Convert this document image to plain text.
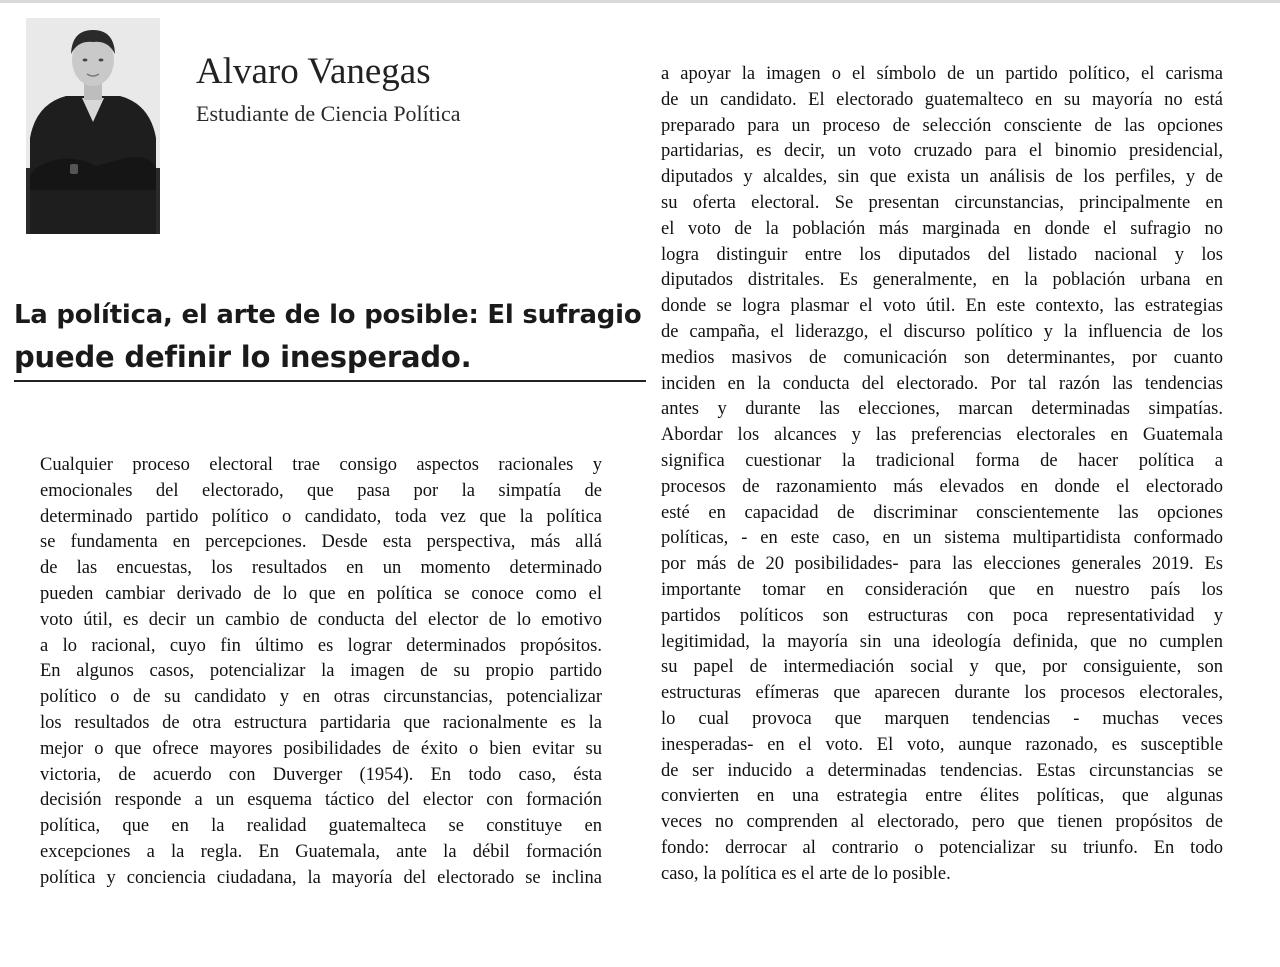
Alvaro Vanegas
Estudiante de Ciencia Política
La política, el arte de lo posible: El sufragio
puede definir lo inesperado.
Cualquier proceso electoral trae consigo aspectos racionales y
emocionales del electorado, que pasa por la simpatía de
determinado partido político o candidato, toda vez que la política
se fundamenta en percepciones. Desde esta perspectiva, más allá
de las encuestas, los resultados en un momento determinado
pueden cambiar derivado de lo que en política se conoce como el
voto útil, es decir un cambio de conducta del elector de lo emotivo
a lo racional, cuyo fin último es lograr determinados propósitos.
En algunos casos, potencializar la imagen de su propio partido
político o de su candidato y en otras circunstancias, potencializar
los resultados de otra estructura partidaria que racionalmente es la
mejor o que ofrece mayores posibilidades de éxito o bien evitar su
victoria, de acuerdo con Duverger (1954). En todo caso, ésta
decisión responde a un esquema táctico del elector con formación
política, que en la realidad guatemalteca se constituye en
excepciones a la regla. En Guatemala, ante la débil formación
política y conciencia ciudadana, la mayoría del electorado se inclina
a apoyar la imagen o el símbolo de un partido político, el carisma
de un candidato. El electorado guatemalteco en su mayoría no está
preparado para un proceso de selección consciente de las opciones
partidarias, es decir, un voto cruzado para el binomio presidencial,
diputados y alcaldes, sin que exista un análisis de los perfiles, y de
su oferta electoral. Se presentan circunstancias, principalmente en
el voto de la población más marginada en donde el sufragio no
logra distinguir entre los diputados del listado nacional y los
diputados distritales. Es generalmente, en la población urbana en
donde se logra plasmar el voto útil. En este contexto, las estrategias
de campaña, el liderazgo, el discurso político y la influencia de los
medios masivos de comunicación son determinantes, por cuanto
inciden en la conducta del electorado. Por tal razón las tendencias
antes y durante las elecciones, marcan determinadas simpatías.
Abordar los alcances y las preferencias electorales en Guatemala
significa cuestionar la tradicional forma de hacer política a
procesos de razonamiento más elevados en donde el electorado
esté en capacidad de discriminar conscientemente las opciones
políticas, - en este caso, en un sistema multipartidista conformado
por más de 20 posibilidades- para las elecciones generales 2019. Es
importante tomar en consideración que en nuestro país los
partidos políticos son estructuras con poca representatividad y
legitimidad, la mayoría sin una ideología definida, que no cumplen
su papel de intermediación social y que, por consiguiente, son
estructuras efímeras que aparecen durante los procesos electorales,
lo cual provoca que marquen tendencias - muchas veces
inesperadas- en el voto. El voto, aunque razonado, es susceptible
de ser inducido a determinadas tendencias. Estas circunstancias se
convierten en una estrategia entre élites políticas, que algunas
veces no comprenden al electorado, pero que tienen propósitos de
fondo: derrocar al contrario o potencializar su triunfo. En todo
caso, la política es el arte de lo posible.
